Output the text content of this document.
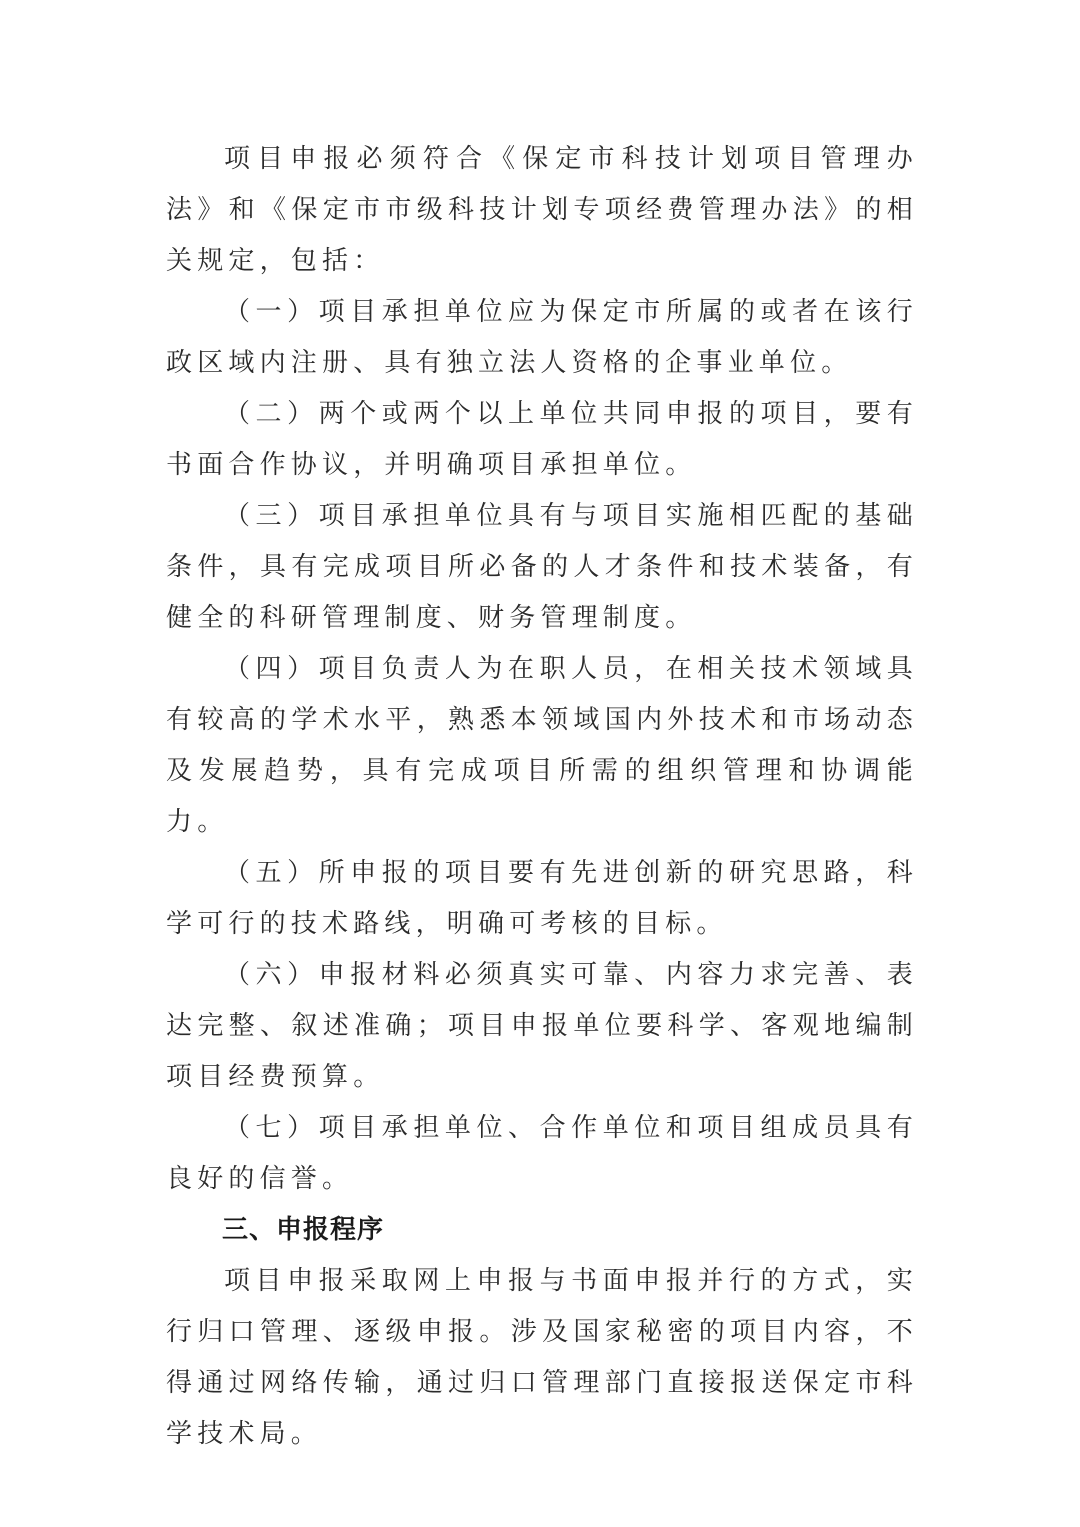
项目申报必须符合《保定市科技计划项目管理办法》和《保定市市级科技计划专项经费管理办法》的相关规定，包括：

（一）项目承担单位应为保定市所属的或者在该行政区域内注册、具有独立法人资格的企事业单位。

（二）两个或两个以上单位共同申报的项目，要有书面合作协议，并明确项目承担单位。

（三）项目承担单位具有与项目实施相匹配的基础条件，具有完成项目所必备的人才条件和技术装备，有健全的科研管理制度、财务管理制度。

（四）项目负责人为在职人员，在相关技术领域具有较高的学术水平，熟悉本领域国内外技术和市场动态及发展趋势，具有完成项目所需的组织管理和协调能力。

（五）所申报的项目要有先进创新的研究思路，科学可行的技术路线，明确可考核的目标。

（六）申报材料必须真实可靠、内容力求完善、表达完整、叙述准确；项目申报单位要科学、客观地编制项目经费预算。

（七）项目承担单位、合作单位和项目组成员具有良好的信誉。

三、申报程序

项目申报采取网上申报与书面申报并行的方式，实行归口管理、逐级申报。涉及国家秘密的项目内容，不得通过网络传输，通过归口管理部门直接报送保定市科学技术局。
